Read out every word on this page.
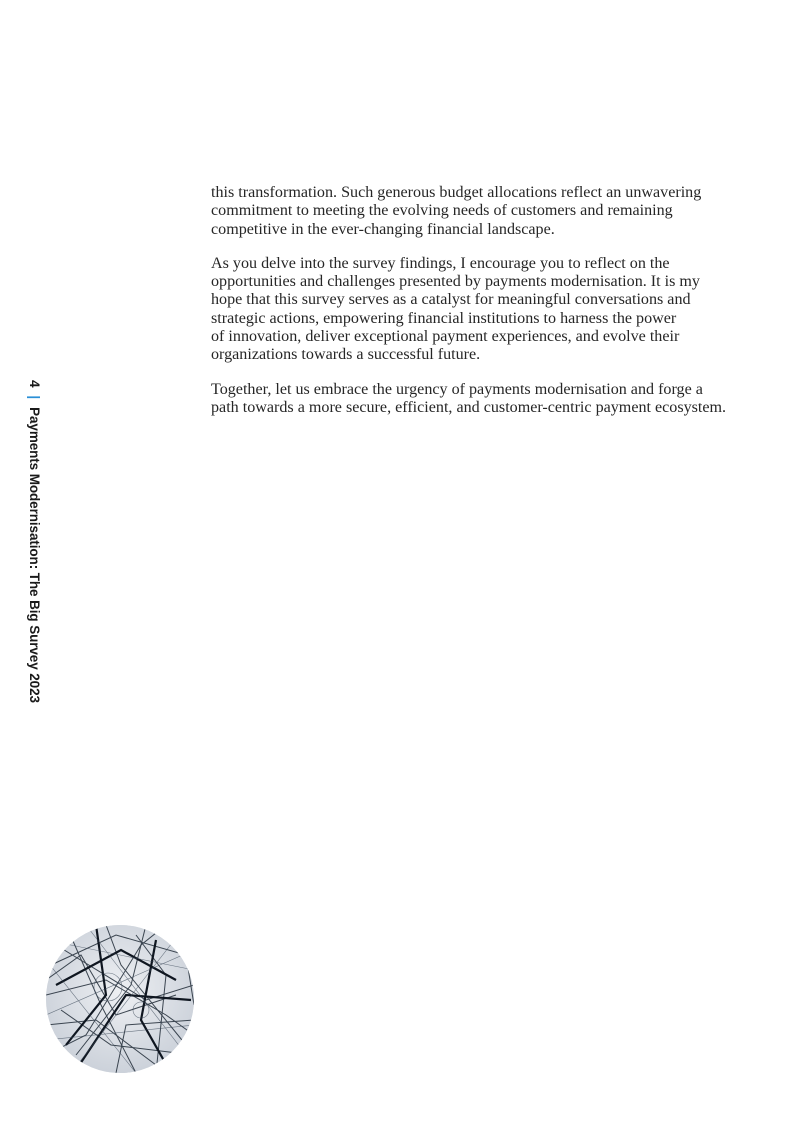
4
|
Payments Modernisation: The Big Survey 2023

this transformation. Such generous budget allocations reflect an unwavering
commitment to meeting the evolving needs of customers and remaining
competitive in the ever-changing financial landscape.

As you delve into the survey findings, I encourage you to reflect on the
opportunities and challenges presented by payments modernisation. It is my
hope that this survey serves as a catalyst for meaningful conversations and
strategic actions, empowering financial institutions to harness the power
of innovation, deliver exceptional payment experiences, and evolve their
organizations towards a successful future.

Together, let us embrace the urgency of payments modernisation and forge a
path towards a more secure, efficient, and customer-centric payment ecosystem.
